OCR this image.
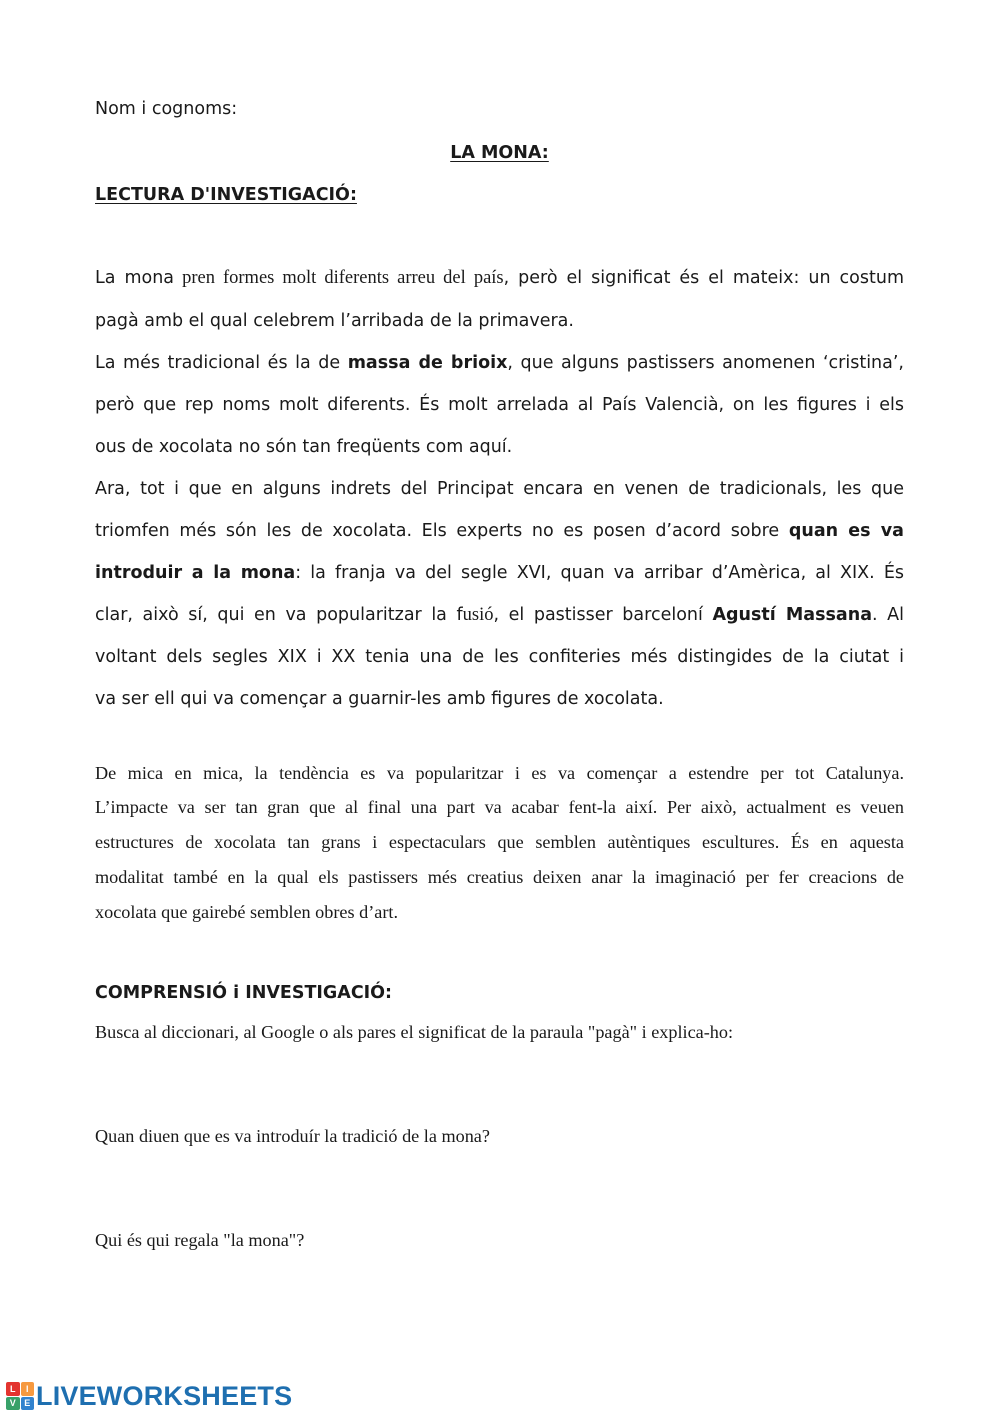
Nom i cognoms:
LA MONA:
LECTURA D'INVESTIGACIÓ:
La mona pren formes molt diferents arreu del país, però el significat és el mateix: un costum
pagà amb el qual celebrem l’arribada de la primavera.
La més tradicional és la de massa de brioix, que alguns pastissers anomenen ‘cristina’,
però que rep noms molt diferents. És molt arrelada al País Valencià, on les figures i els
ous de xocolata no són tan freqüents com aquí.
Ara, tot i que en alguns indrets del Principat encara en venen de tradicionals, les que
triomfen més són les de xocolata. Els experts no es posen d’acord sobre quan es va
introduir a la mona: la franja va del segle XVI, quan va arribar d’Amèrica, al XIX. És
clar, això sí, qui en va popularitzar la fusió, el pastisser barceloní Agustí Massana. Al
voltant dels segles XIX i XX tenia una de les confiteries més distingides de la ciutat i
va ser ell qui va començar a guarnir-les amb figures de xocolata.
De mica en mica, la tendència es va popularitzar i es va començar a estendre per tot Catalunya.
L’impacte va ser tan gran que al final una part va acabar fent-la així. Per això, actualment es veuen
estructures de xocolata tan grans i espectaculars que semblen autèntiques escultures. És en aquesta
modalitat també en la qual els pastissers més creatius deixen anar la imaginació per fer creacions de
xocolata que gairebé semblen obres d’art.
COMPRENSIÓ i INVESTIGACIÓ:
Busca al diccionari, al Google o als pares el significat de la paraula "pagà" i explica-ho:
Quan diuen que es va introduír la tradició de la mona?
Qui és qui regala "la mona"?
L	I
V E LIVEWORKSHEETS
